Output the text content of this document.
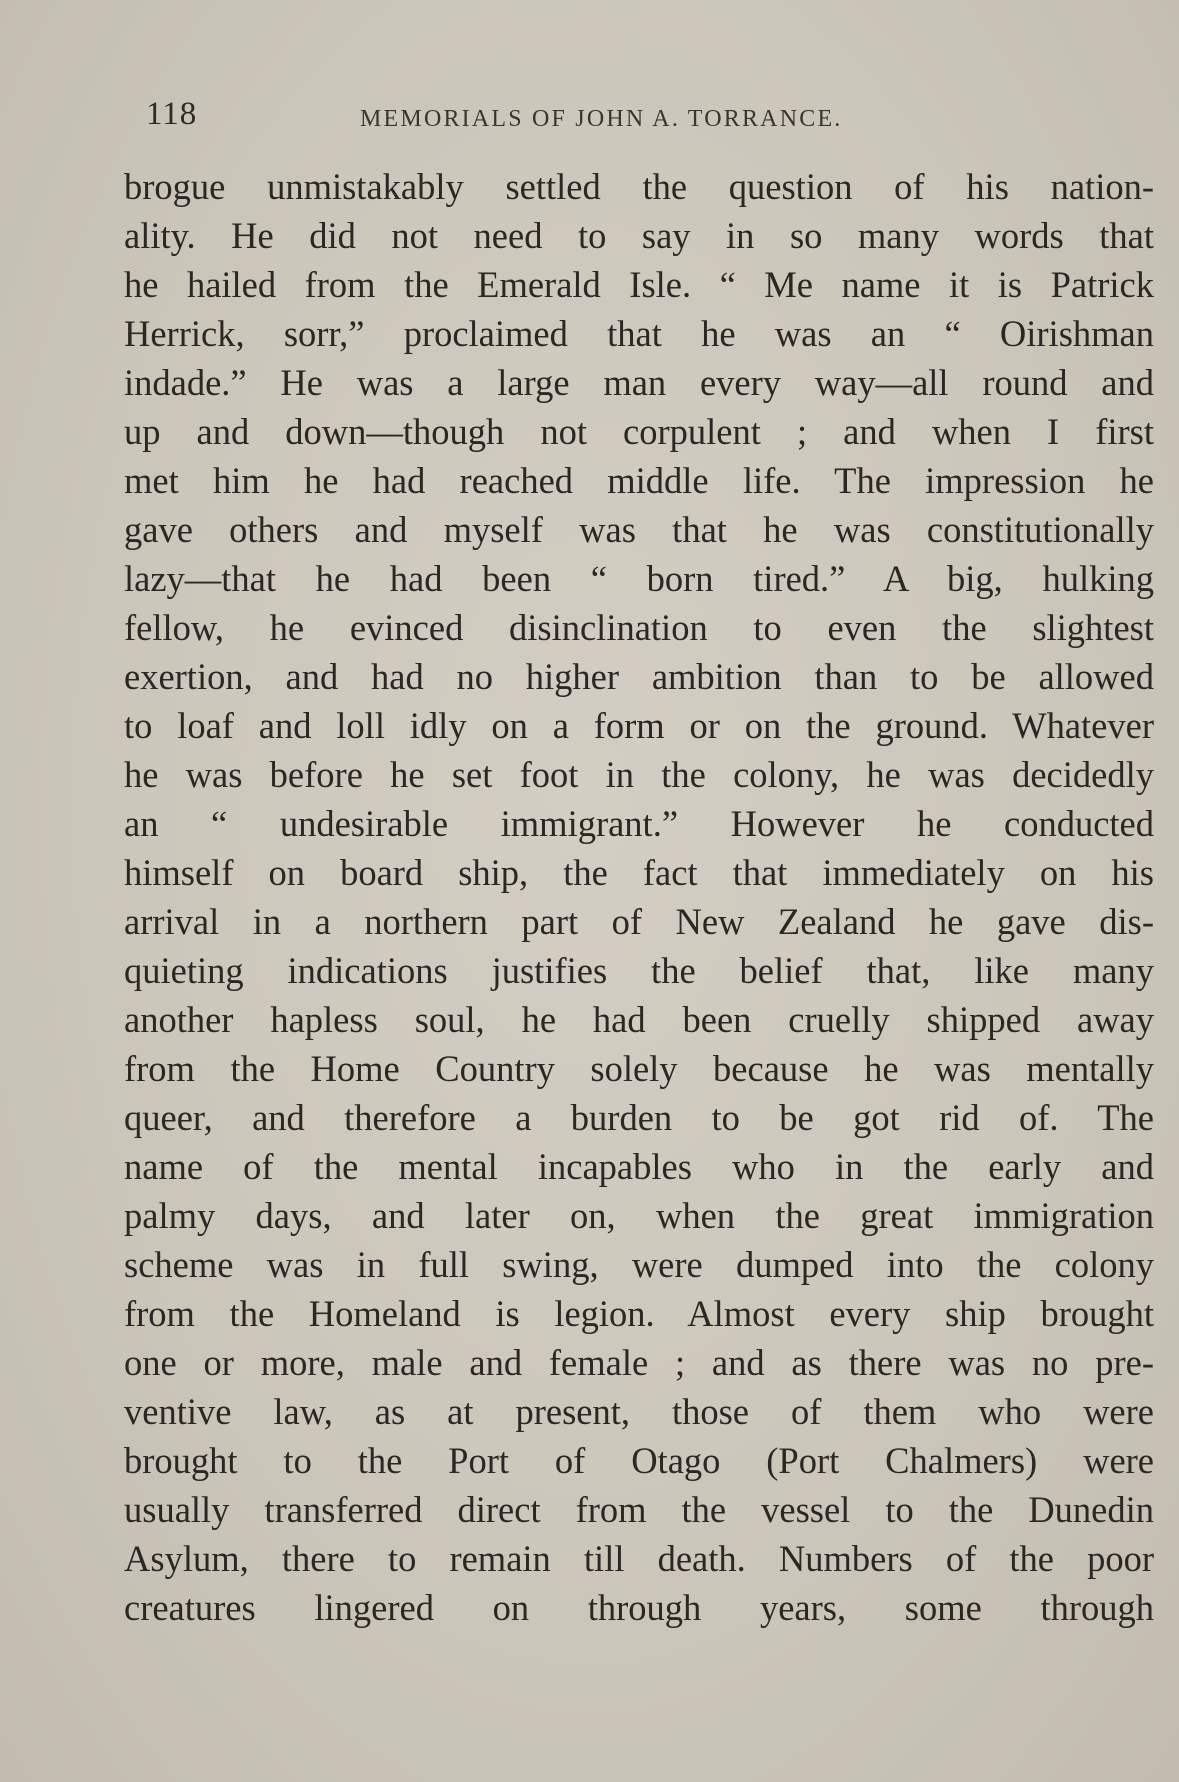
118	MEMORIALS OF JOHN A. TORRANCE.
brogue unmistakably settled the question of his nation-
ality. He did not need to say in so many words that
he hailed from the Emerald Isle. “ Me name it is Patrick
Herrick, sorr,” proclaimed that he was an “ Oirishman
indade.” He was a large man every way—all round and
up and down—though not corpulent ; and when I first
met him he had reached middle life. The impression he
gave others and myself was that he was constitutionally
lazy—that he had been “ born tired.” A big, hulking
fellow, he evinced disinclination to even the slightest
exertion, and had no higher ambition than to be allowed
to loaf and loll idly on a form or on the ground. Whatever
he was before he set foot in the colony, he was decidedly
an “ undesirable immigrant.” However he conducted
himself on board ship, the fact that immediately on his
arrival in a northern part of New Zealand he gave dis-
quieting indications justifies the belief that, like many
another hapless soul, he had been cruelly shipped away
from the Home Country solely because he was mentally
queer, and therefore a burden to be got rid of. The
name of the mental incapables who in the early and
palmy days, and later on, when the great immigration
scheme was in full swing, were dumped into the colony
from the Homeland is legion. Almost every ship brought
one or more, male and female ; and as there was no pre-
ventive law, as at present, those of them who were
brought to the Port of Otago (Port Chalmers) were
usually transferred direct from the vessel to the Dunedin
Asylum, there to remain till death. Numbers of the poor
creatures lingered on through years, some through
